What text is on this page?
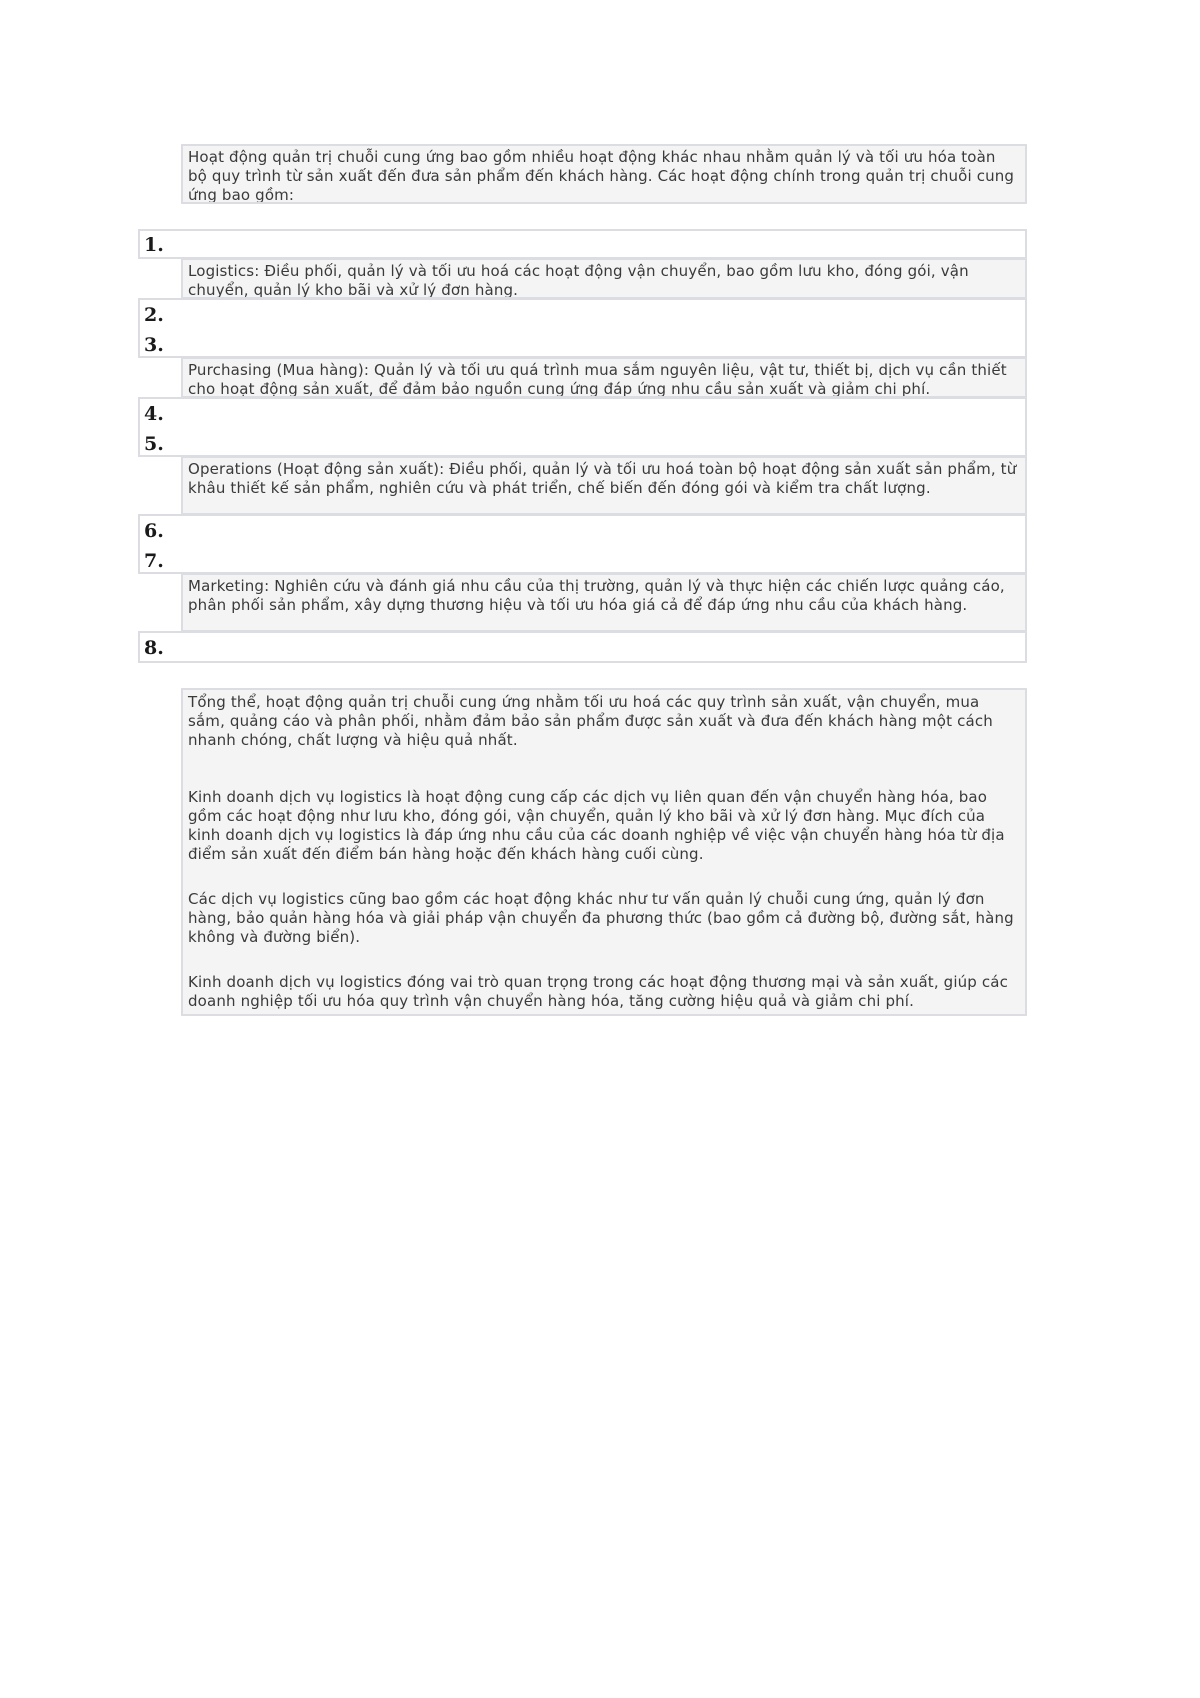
Hoạt động quản trị chuỗi cung ứng bao gồm nhiều hoạt động khác nhau nhằm quản lý và tối ưu hóa toàn bộ quy trình từ sản xuất đến đưa sản phẩm đến khách hàng. Các hoạt động chính trong quản trị chuỗi cung ứng bao gồm:
1.
Logistics: Điều phối, quản lý và tối ưu hoá các hoạt động vận chuyển, bao gồm lưu kho, đóng gói, vận chuyển, quản lý kho bãi và xử lý đơn hàng.
2.
3.
Purchasing (Mua hàng): Quản lý và tối ưu quá trình mua sắm nguyên liệu, vật tư, thiết bị, dịch vụ cần thiết cho hoạt động sản xuất, để đảm bảo nguồn cung ứng đáp ứng nhu cầu sản xuất và giảm chi phí.
4.
5.
Operations (Hoạt động sản xuất): Điều phối, quản lý và tối ưu hoá toàn bộ hoạt động sản xuất sản phẩm, từ khâu thiết kế sản phẩm, nghiên cứu và phát triển, chế biến đến đóng gói và kiểm tra chất lượng.
6.
7.
Marketing: Nghiên cứu và đánh giá nhu cầu của thị trường, quản lý và thực hiện các chiến lược quảng cáo, phân phối sản phẩm, xây dựng thương hiệu và tối ưu hóa giá cả để đáp ứng nhu cầu của khách hàng.
8.

Tổng thể, hoạt động quản trị chuỗi cung ứng nhằm tối ưu hoá các quy trình sản xuất, vận chuyển, mua sắm, quảng cáo và phân phối, nhằm đảm bảo sản phẩm được sản xuất và đưa đến khách hàng một cách nhanh chóng, chất lượng và hiệu quả nhất.

Kinh doanh dịch vụ logistics là hoạt động cung cấp các dịch vụ liên quan đến vận chuyển hàng hóa, bao gồm các hoạt động như lưu kho, đóng gói, vận chuyển, quản lý kho bãi và xử lý đơn hàng. Mục đích của kinh doanh dịch vụ logistics là đáp ứng nhu cầu của các doanh nghiệp về việc vận chuyển hàng hóa từ địa điểm sản xuất đến điểm bán hàng hoặc đến khách hàng cuối cùng.

Các dịch vụ logistics cũng bao gồm các hoạt động khác như tư vấn quản lý chuỗi cung ứng, quản lý đơn hàng, bảo quản hàng hóa và giải pháp vận chuyển đa phương thức (bao gồm cả đường bộ, đường sắt, hàng không và đường biển).

Kinh doanh dịch vụ logistics đóng vai trò quan trọng trong các hoạt động thương mại và sản xuất, giúp các doanh nghiệp tối ưu hóa quy trình vận chuyển hàng hóa, tăng cường hiệu quả và giảm chi phí.
